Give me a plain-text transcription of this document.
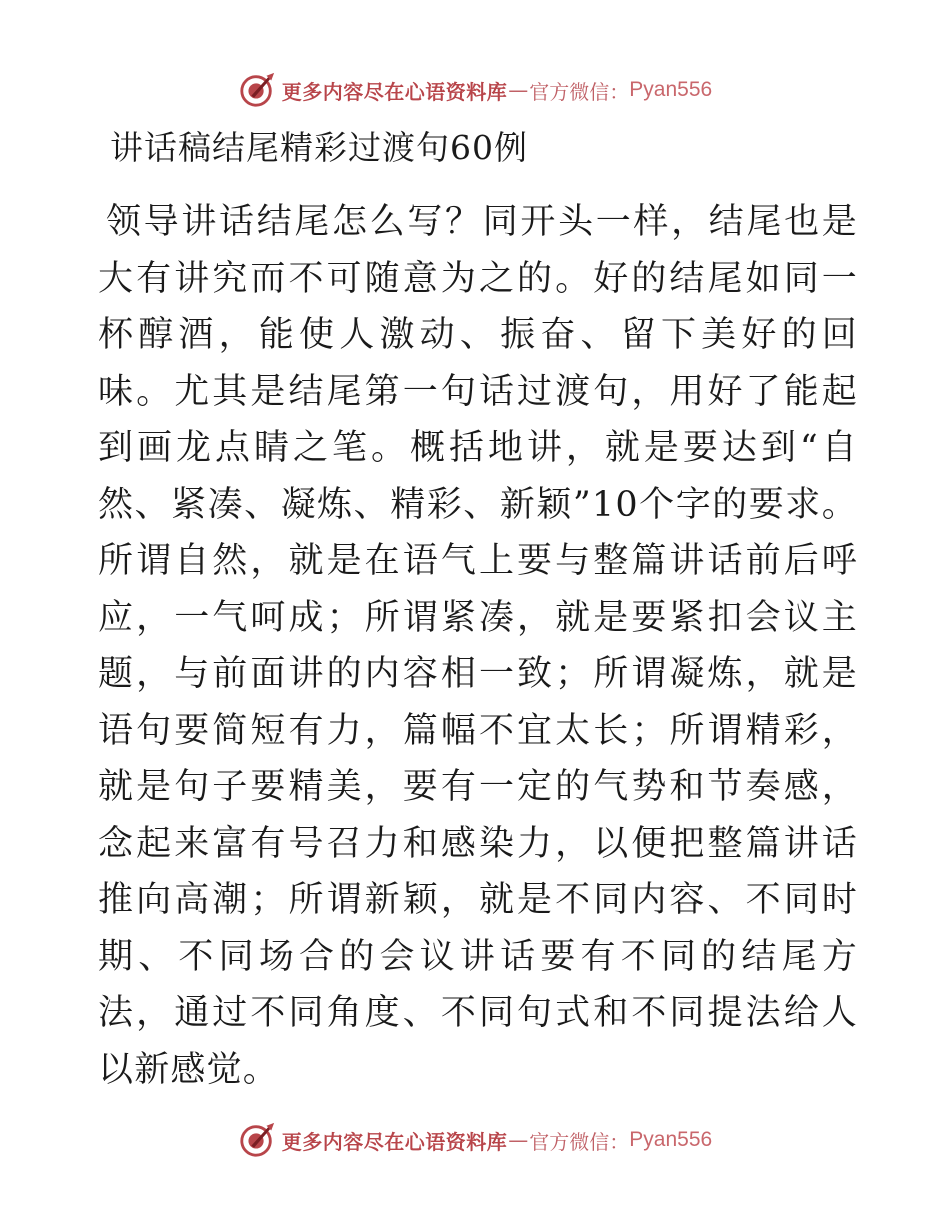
更多内容尽在心语资料库 — 官方微信： Pyan556
讲话稿结尾精彩过渡句60例

领导讲话结尾怎么写？同开头一样，结尾也是大有讲究而不可随意为之的。好的结尾如同一杯醇酒，能使人激动、振奋、留下美好的回味。尤其是结尾第一句话过渡句，用好了能起到画龙点睛之笔。概括地讲，就是要达到“自然、紧凑、凝炼、精彩、新颖”10个字的要求。所谓自然，就是在语气上要与整篇讲话前后呼应，一气呵成；所谓紧凑，就是要紧扣会议主题，与前面讲的内容相一致；所谓凝炼，就是语句要简短有力，篇幅不宜太长；所谓精彩，就是句子要精美，要有一定的气势和节奏感，念起来富有号召力和感染力，以便把整篇讲话推向高潮；所谓新颖，就是不同内容、不同时期、不同场合的会议讲话要有不同的结尾方法，通过不同角度、不同句式和不同提法给人以新感觉。

更多内容尽在心语资料库 — 官方微信： Pyan556
